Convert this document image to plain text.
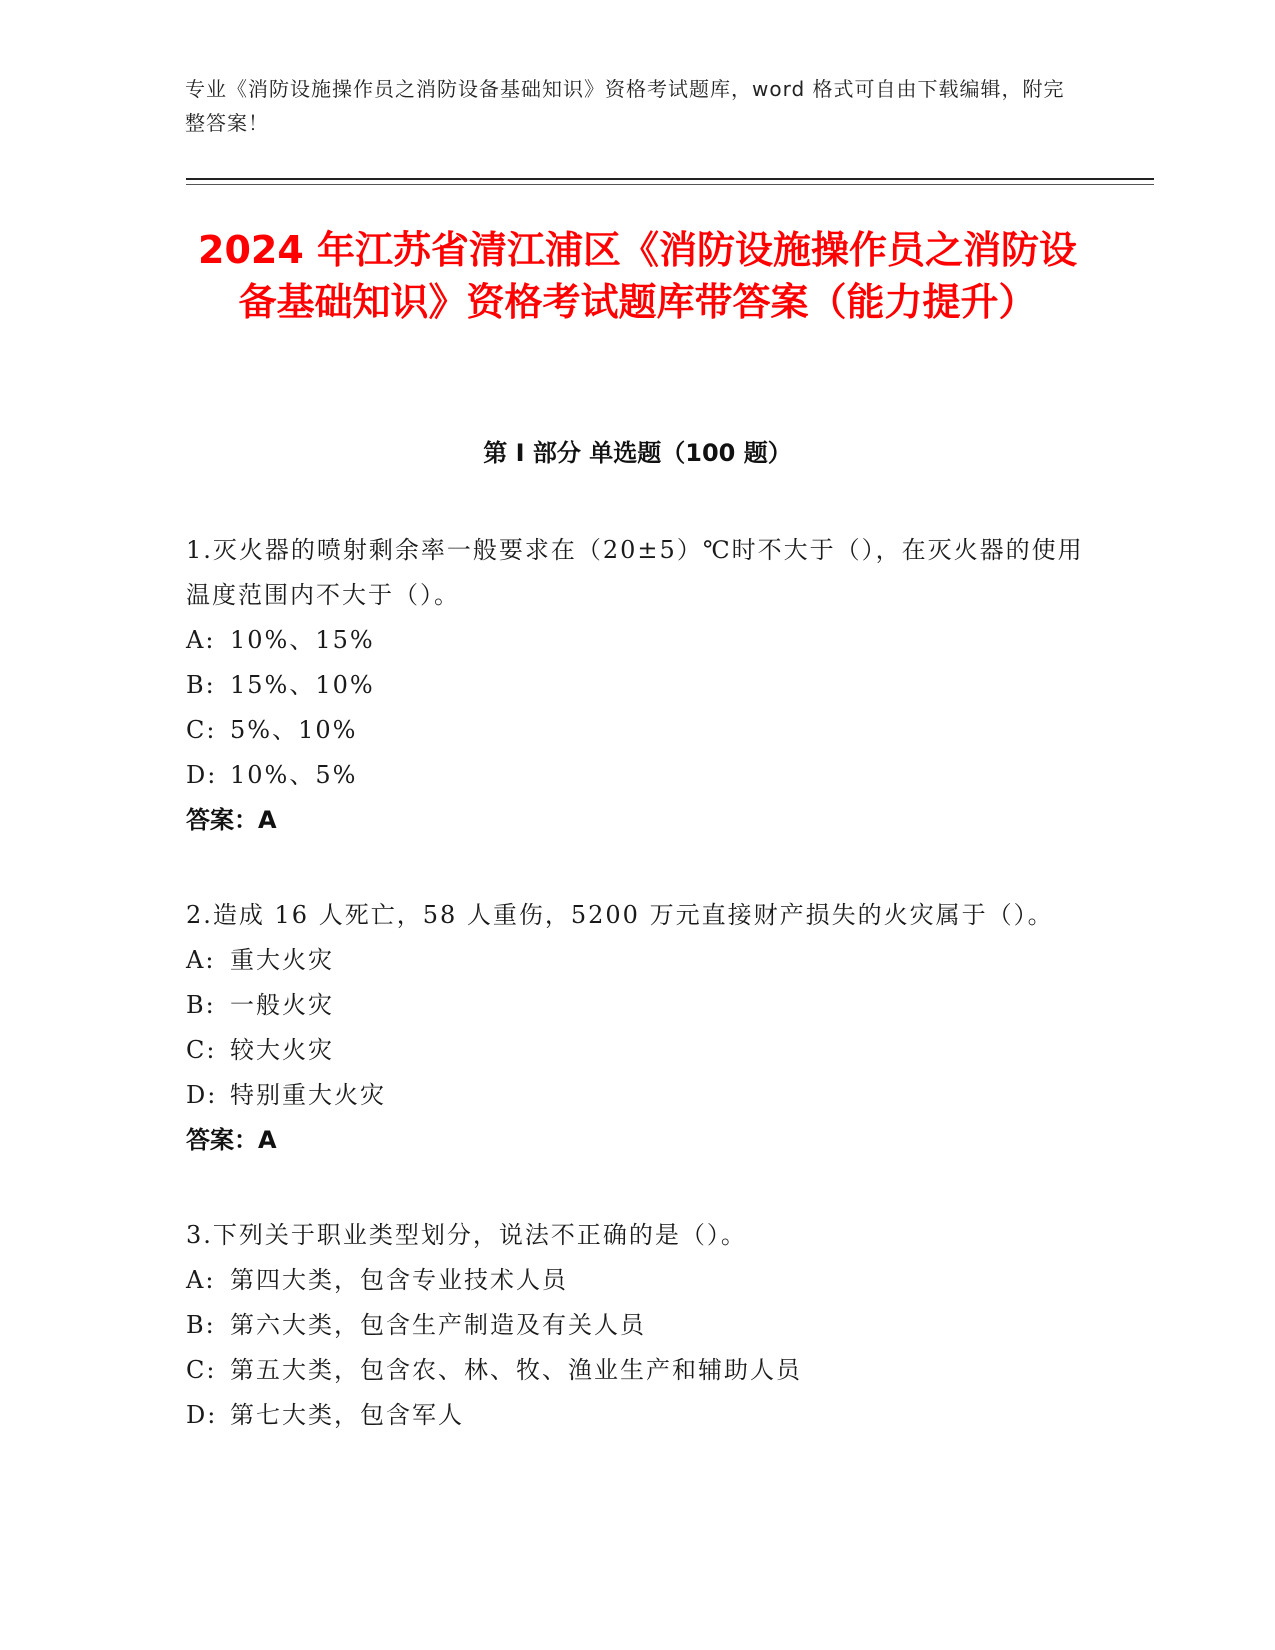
专业《消防设施操作员之消防设备基础知识》资格考试题库，word 格式可自由下载编辑，附完整答案！
2024 年江苏省清江浦区《消防设施操作员之消防设备基础知识》资格考试题库带答案（能力提升）
第 I 部分 单选题（100 题）

1.灭火器的喷射剩余率一般要求在（20±5）℃时不大于（），在灭火器的使用温度范围内不大于（）。

A: 10%、15%

B: 15%、10%

C: 5%、10%

D: 10%、5%

答案：A

2.造成 16 人死亡，58 人重伤，5200 万元直接财产损失的火灾属于（）。

A: 重大火灾

B: 一般火灾

C: 较大火灾

D: 特别重大火灾

答案：A

3.下列关于职业类型划分，说法不正确的是（）。

A: 第四大类，包含专业技术人员

B: 第六大类，包含生产制造及有关人员

C: 第五大类，包含农、林、牧、渔业生产和辅助人员

D: 第七大类，包含军人
